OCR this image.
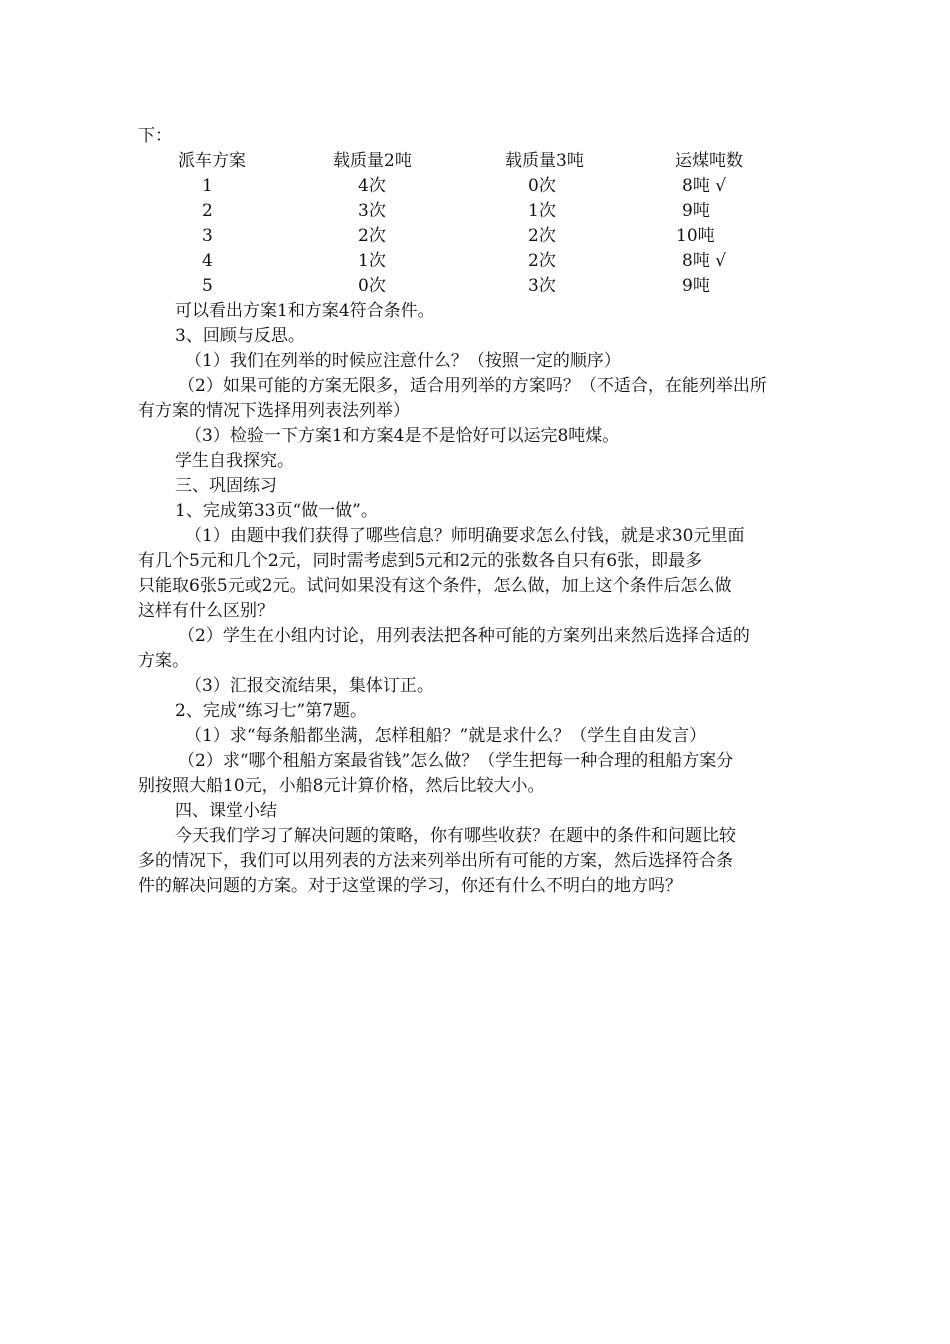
下：
派车方案	载质量2吨	载质量3吨	运煤吨数
1	4次	0次	8吨 √
2	3次	1次	9吨
3	2次	2次	10吨
4	1次	2次	8吨 √
5	0次	3次	9吨
可以看出方案1和方案4符合条件。
3、回顾与反思。
（1）我们在列举的时候应注意什么？（按照一定的顺序）
（2）如果可能的方案无限多，适合用列举的方案吗？（不适合，在能列举出所
有方案的情况下选择用列表法列举）
（3）检验一下方案1和方案4是不是恰好可以运完8吨煤。
学生自我探究。
三、巩固练习
1、完成第33页“做一做”。
（1）由题中我们获得了哪些信息？师明确要求怎么付钱，就是求30元里面
有几个5元和几个2元，同时需考虑到5元和2元的张数各自只有6张，即最多
只能取6张5元或2元。试问如果没有这个条件，怎么做，加上这个条件后怎么做
这样有什么区别？
（2）学生在小组内讨论，用列表法把各种可能的方案列出来然后选择合适的
方案。
（3）汇报交流结果，集体订正。
2、完成“练习七”第7题。
（1）求“每条船都坐满，怎样租船？”就是求什么？（学生自由发言）
（2）求“哪个租船方案最省钱”怎么做？（学生把每一种合理的租船方案分
别按照大船10元，小船8元计算价格，然后比较大小。
四、课堂小结
今天我们学习了解决问题的策略，你有哪些收获？在题中的条件和问题比较
多的情况下，我们可以用列表的方法来列举出所有可能的方案，然后选择符合条
件的解决问题的方案。对于这堂课的学习，你还有什么不明白的地方吗？
